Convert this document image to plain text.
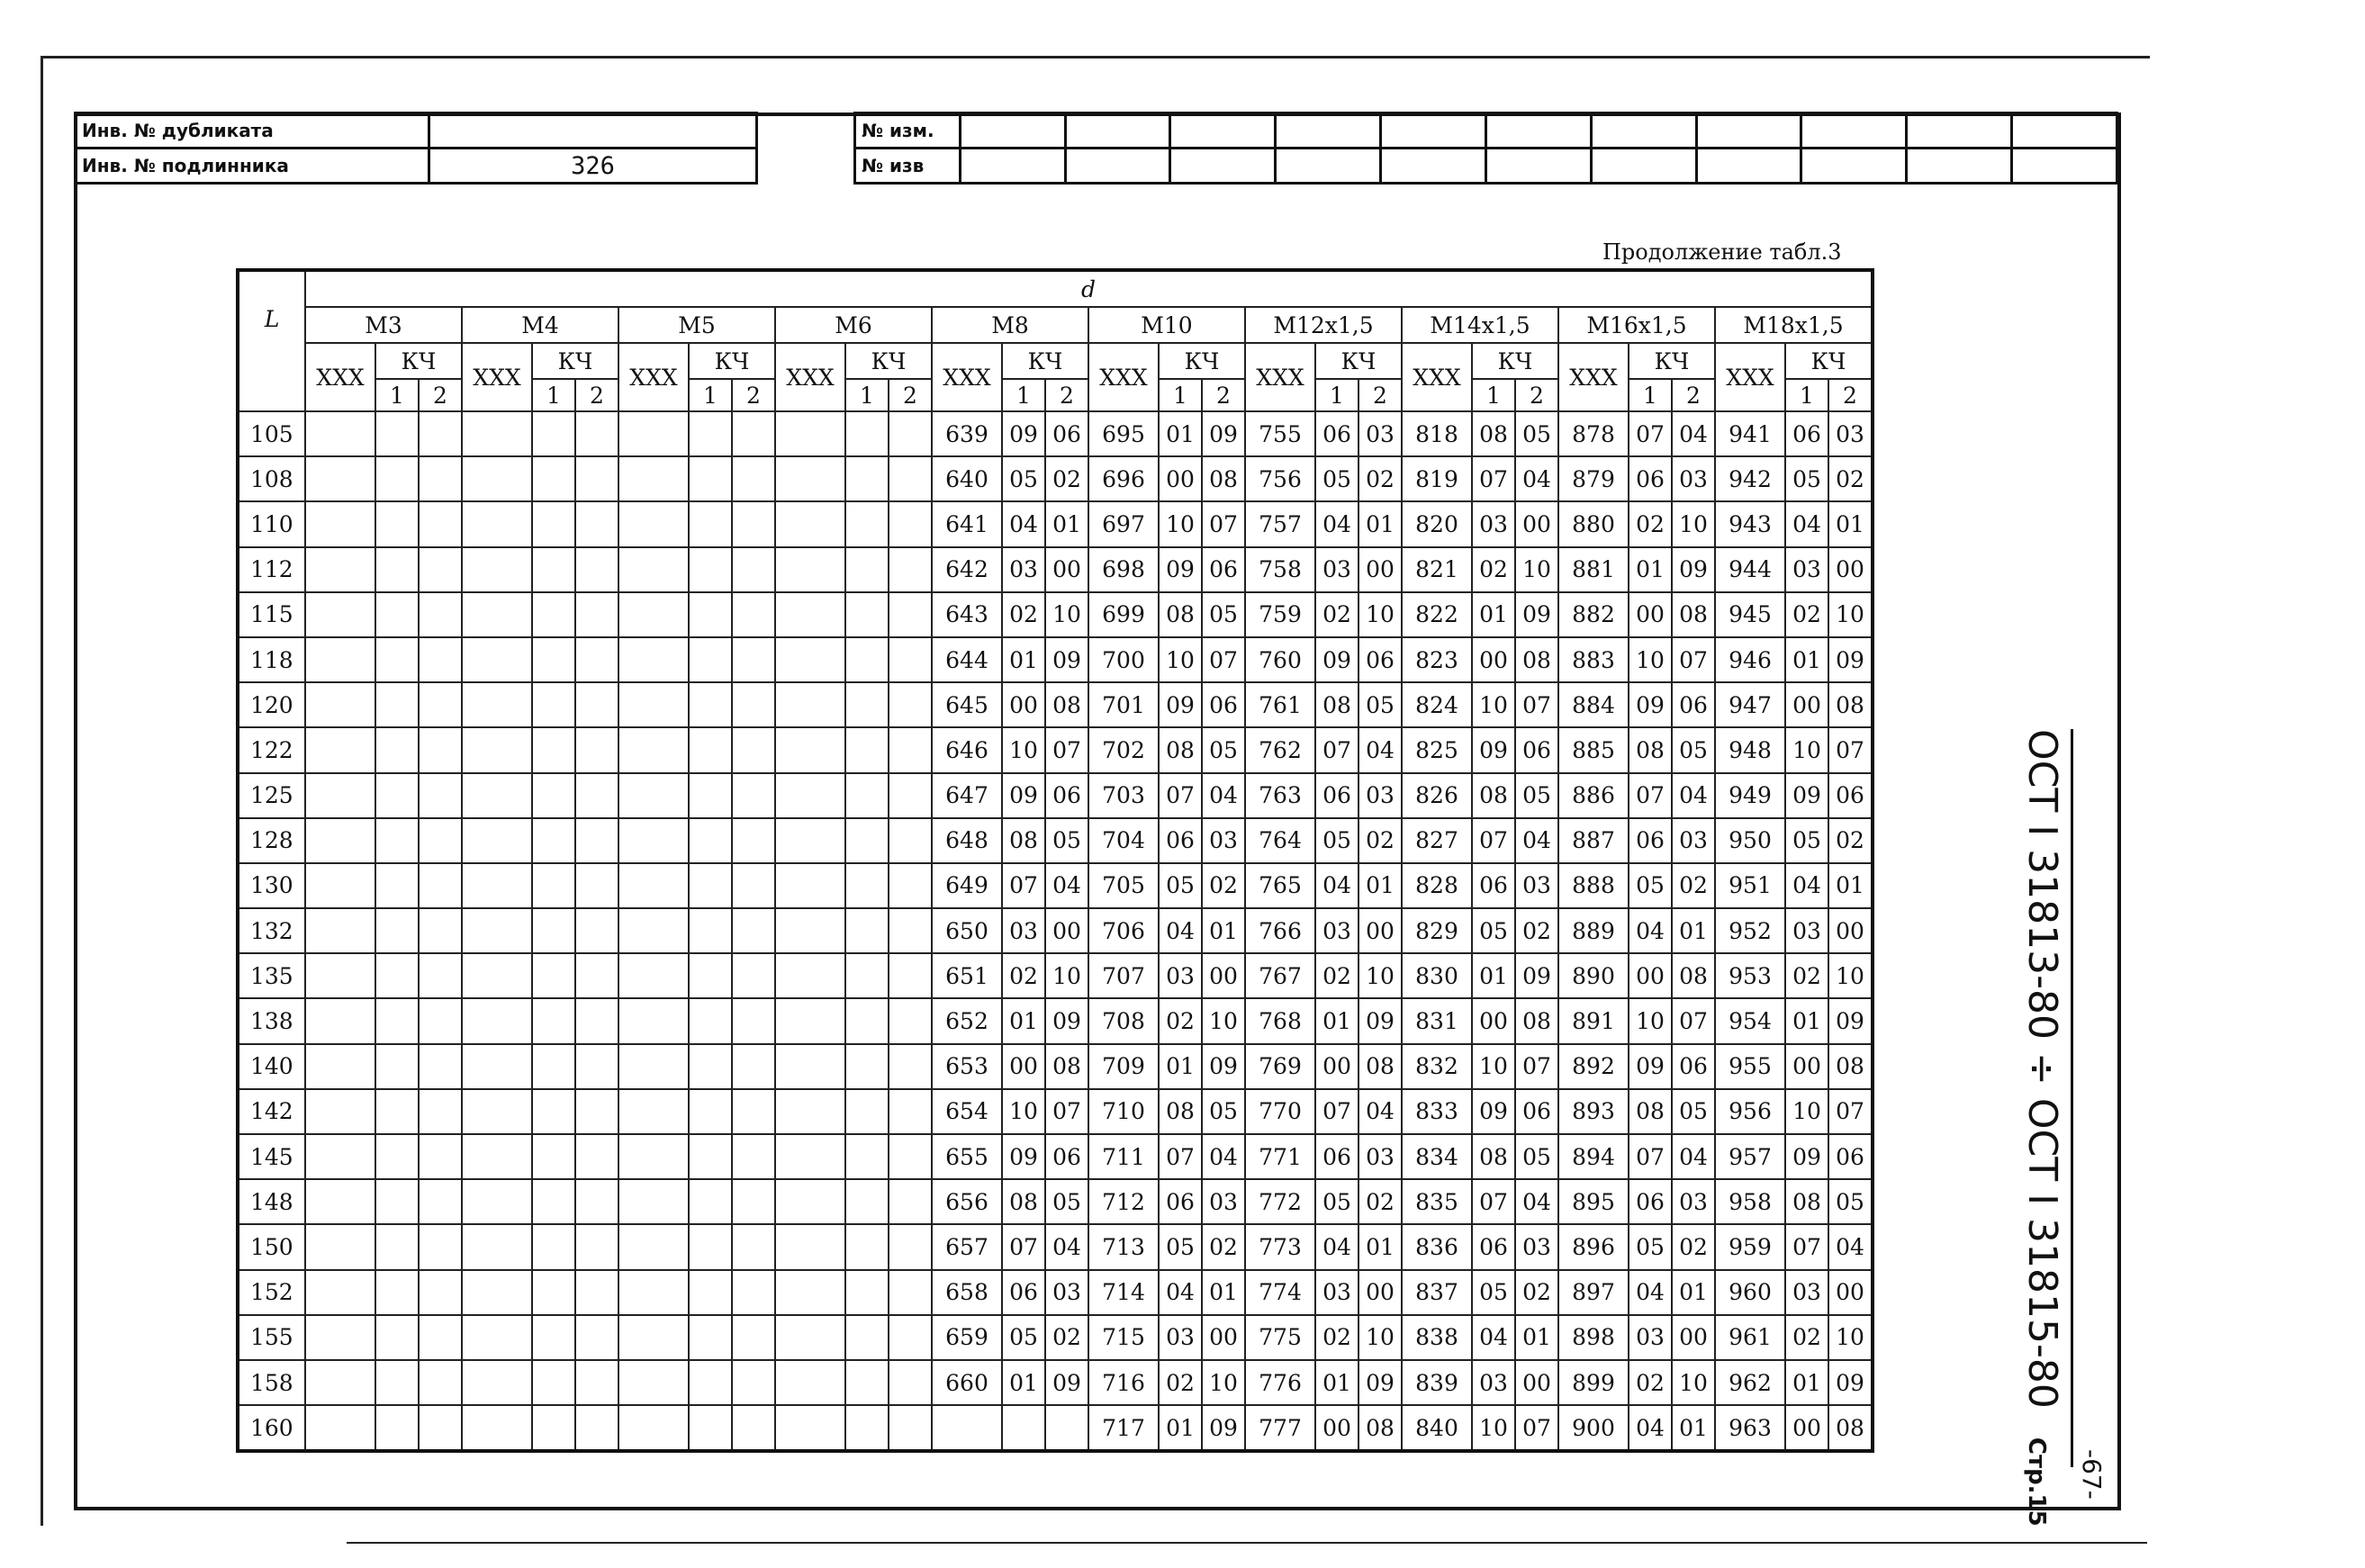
Инв. № дубликата	
Инв. № подлинника	326
№ изм.											
№ изв											
Продолжение табл.3
L	d																													
	M3			M4			M5			M6			M8			M10			M12x1,5			M14x1,5			M16x1,5			M18x1,5		
	XXX	КЧ		XXX	КЧ		XXX	КЧ		XXX	КЧ		XXX	КЧ		XXX	КЧ		XXX	КЧ		XXX	КЧ		XXX	КЧ		XXX	КЧ	
		1	2		1	2		1	2		1	2		1	2		1	2		1	2		1	2		1	2		1	2
105													639	09	06	695	01	09	755	06	03	818	08	05	878	07	04	941	06	03
108													640	05	02	696	00	08	756	05	02	819	07	04	879	06	03	942	05	02
110													641	04	01	697	10	07	757	04	01	820	03	00	880	02	10	943	04	01
112													642	03	00	698	09	06	758	03	00	821	02	10	881	01	09	944	03	00
115													643	02	10	699	08	05	759	02	10	822	01	09	882	00	08	945	02	10
118													644	01	09	700	10	07	760	09	06	823	00	08	883	10	07	946	01	09
120													645	00	08	701	09	06	761	08	05	824	10	07	884	09	06	947	00	08
122													646	10	07	702	08	05	762	07	04	825	09	06	885	08	05	948	10	07
125													647	09	06	703	07	04	763	06	03	826	08	05	886	07	04	949	09	06
128													648	08	05	704	06	03	764	05	02	827	07	04	887	06	03	950	05	02
130													649	07	04	705	05	02	765	04	01	828	06	03	888	05	02	951	04	01
132													650	03	00	706	04	01	766	03	00	829	05	02	889	04	01	952	03	00
135													651	02	10	707	03	00	767	02	10	830	01	09	890	00	08	953	02	10
138													652	01	09	708	02	10	768	01	09	831	00	08	891	10	07	954	01	09
140													653	00	08	709	01	09	769	00	08	832	10	07	892	09	06	955	00	08
142													654	10	07	710	08	05	770	07	04	833	09	06	893	08	05	956	10	07
145													655	09	06	711	07	04	771	06	03	834	08	05	894	07	04	957	09	06
148													656	08	05	712	06	03	772	05	02	835	07	04	895	06	03	958	08	05
150													657	07	04	713	05	02	773	04	01	836	06	03	896	05	02	959	07	04
152													658	06	03	714	04	01	774	03	00	837	05	02	897	04	01	960	03	00
155													659	05	02	715	03	00	775	02	10	838	04	01	898	03	00	961	02	10
158													660	01	09	716	02	10	776	01	09	839	03	00	899	02	10	962	01	09
160																717	01	09	777	00	08	840	10	07	900	04	01	963	00	08
ОСТ I 31813-80 ÷ ОСТ I 31815-80 Стр.15	-67-
